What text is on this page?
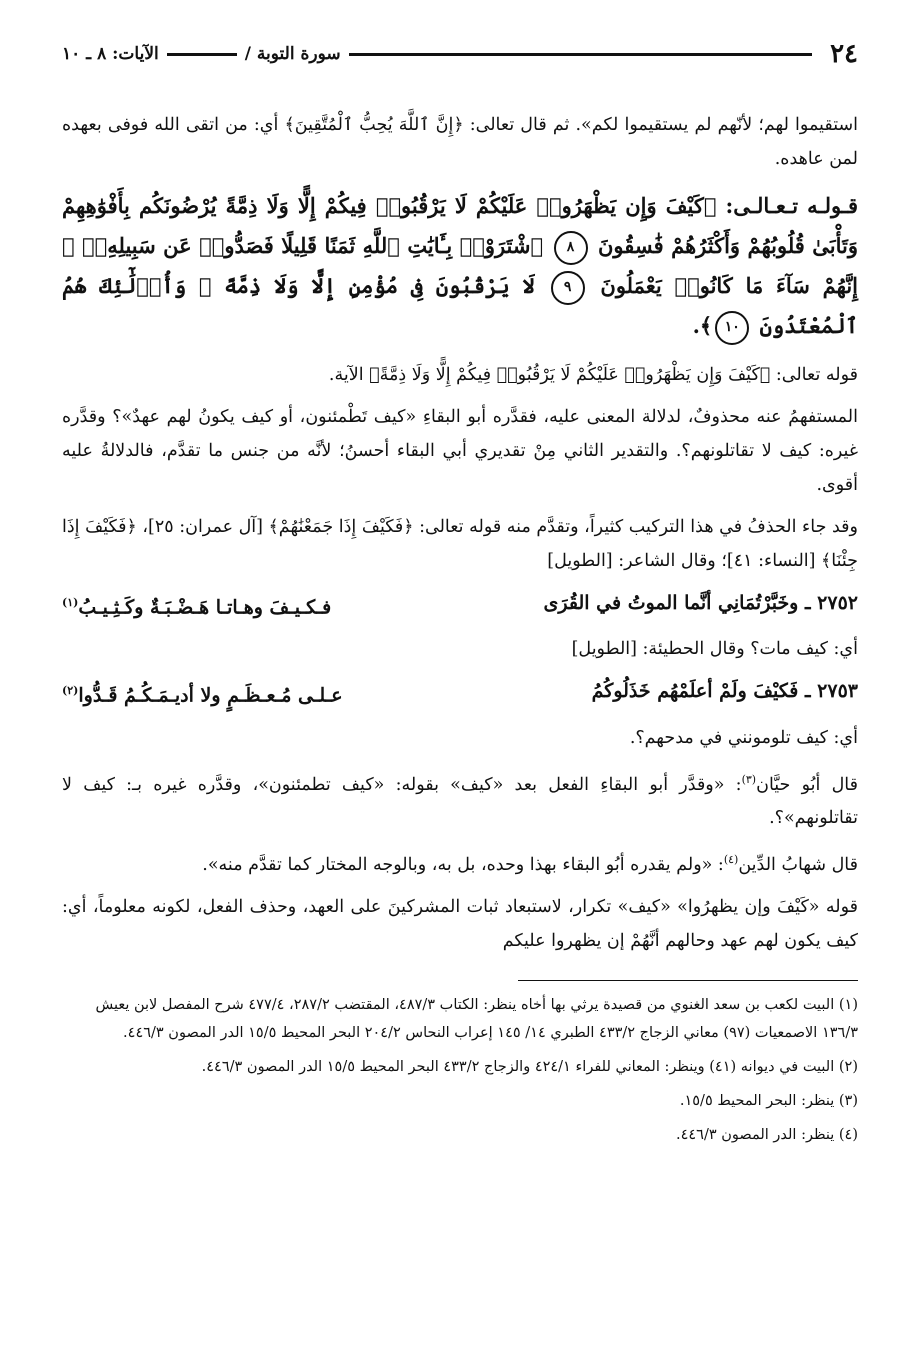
٢٤
سورة التوبة /
الآيات: ٨ ـ ١٠

استقيموا لهم؛ لأنّهم لم يستقيموا لكم». ثم قال تعالى: ﴿إِنَّ ٱللَّهَ يُحِبُّ ٱلْمُتَّقِينَ﴾ أي: من اتقى الله فوفى بعهده لمن عاهده.

قـولـه تـعـالـى: ﴿كَيْفَ وَإِن يَظْهَرُوا۟ عَلَيْكُمْ لَا يَرْقُبُوا۟ فِيكُمْ إِلًّا وَلَا ذِمَّةً يُرْضُونَكُم بِأَفْوَٰهِهِمْ وَتَأْبَىٰ قُلُوبُهُمْ وَأَكْثَرُهُمْ فَٰسِقُونَ ٨ ٱشْتَرَوْا۟ بِـَٔايَٰتِ ٱللَّهِ ثَمَنًا قَلِيلًا فَصَدُّوا۟ عَن سَبِيلِهِۦٓ ۚ إِنَّهُمْ سَآءَ مَا كَانُوا۟ يَعْمَلُونَ ٩ لَا يَرْقُبُونَ فِى مُؤْمِنٍ إِلًّا وَلَا ذِمَّةً ۚ وَأُو۟لَٰٓئِكَ هُمُ ٱلْمُعْتَدُونَ ١٠﴾.

قوله تعالى: ﴿كَيْفَ وَإِن يَظْهَرُوا۟ عَلَيْكُمْ لَا يَرْقُبُوا۟ فِيكُمْ إِلًّا وَلَا ذِمَّةً﴾ الآية.

المستفهمُ عنه محذوفٌ، لدلالة المعنى عليه، فقدَّره أبو البقاءِ «كيف تَطْمئنون، أو كيف يكونُ لهم عهدٌ»؟ وقدَّره غيره: كيف لا تقاتلونهم؟. والتقدير الثاني مِنْ تقديري أبي البقاء أحسنُ؛ لأنَّه من جنس ما تقدَّم، فالدلالةُ عليه أقوى.

وقد جاء الحذفُ في هذا التركيب كثيراً، وتقدَّم منه قوله تعالى: ﴿فَكَيْفَ إِذَا جَمَعْنَٰهُمْ﴾ [آل عمران: ٢٥]، ﴿فَكَيْفَ إِذَا جِئْنَا﴾ [النساء: ٤١]؛ وقال الشاعر: [الطويل]

٢٧٥٢ ـ وخَبَّرْتُمَانِي أنَّما الموتُ في القُرَى
فـكـيـفَ وهـاتـا هَـضْـبَـةٌ وكَـثِـيـبُ$^{(١)}$

أي: كيف مات؟ وقال الحطيئة: [الطويل]

٢٧٥٣ ـ فَكيْفَ ولَمْ أعلَمْهُم خَذَلُوكُمُ
عـلـى مُـعـظَـمٍ ولا أديـمَـكُـمُ قَـدُّوا$^{(٢)}$

أي: كيف تلومونني في مدحهم؟.

قال أبُو حيَّان$^{(٣)}$: «وقدَّر أبو البقاءِ الفعل بعد «كيف» بقوله: «كيف تطمئنون»، وقدَّره غيره بـ: كيف لا تقاتلونهم»؟.

قال شهابُ الدِّين$^{(٤)}$: «ولم يقدره أبُو البقاء بهذا وحده، بل به، وبالوجه المختار كما تقدَّم منه».

قوله «كَيْفَ وإن يظهرُوا» «كيف» تكرار، لاستبعاد ثبات المشركينَ على العهد، وحذف الفعل، لكونه معلوماً، أي: كيف يكون لهم عهد وحالهم أنَّهُمْ إن يظهروا عليكم

(١) البيت لكعب بن سعد الغنوي من قصيدة يرثي بها أخاه ينظر: الكتاب ٤٨٧/٣، المقتضب ٢٨٧/٢، ٤٧٧/٤ شرح المفصل لابن يعيش ١٣٦/٣ الاصمعيات (٩٧) معاني الزجاج ٤٣٣/٢ الطبري ١٤/ ١٤٥ إعراب النحاس ٢٠٤/٢ البحر المحيط ١٥/٥ الدر المصون ٤٤٦/٣.

(٢) البيت في ديوانه (٤١) وينظر: المعاني للفراء ٤٢٤/١ والزجاج ٤٣٣/٢ البحر المحيط ١٥/٥ الدر المصون ٤٤٦/٣.

(٣) ينظر: البحر المحيط ١٥/٥.

(٤) ينظر: الدر المصون ٤٤٦/٣.
